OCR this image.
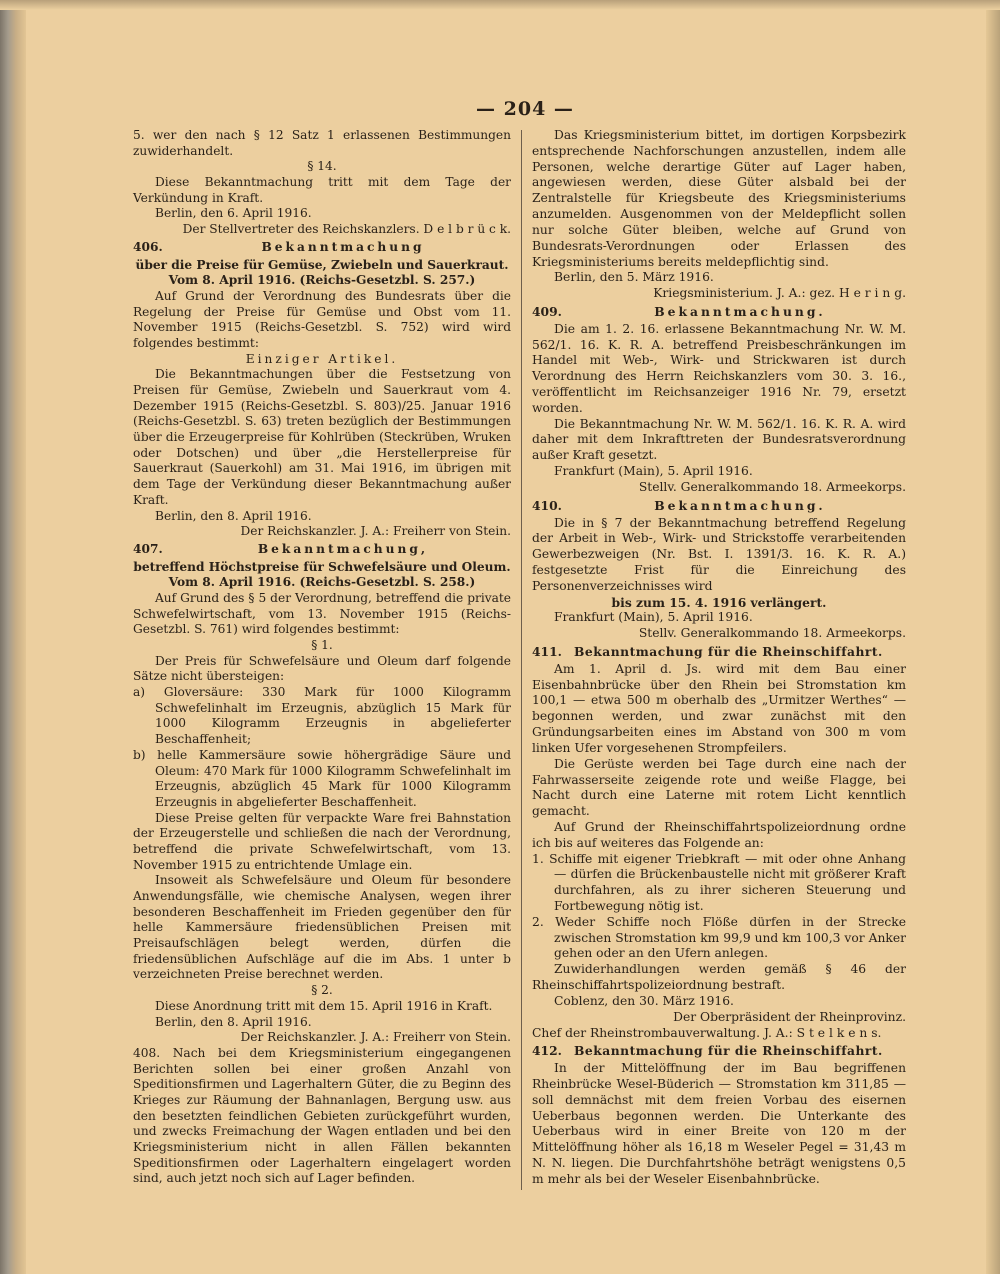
— 204 —

5. wer den nach § 12 Satz 1 erlassenen Bestimmungen zuwiderhandelt.

§ 14.

Diese Bekanntmachung tritt mit dem Tage der Verkündung in Kraft.

Berlin, den 6. April 1916.

Der Stellvertreter des Reichskanzlers. D e l b r ü c k.

406.	Bekanntmachung

über die Preise für Gemüse, Zwiebeln und Sauerkraut. Vom 8. April 1916. (Reichs-Gesetzbl. S. 257.)

Auf Grund der Verordnung des Bundesrats über die Regelung der Preise für Gemüse und Obst vom 11. November 1915 (Reichs-Gesetzbl. S. 752) wird wird folgendes bestimmt:

Einziger Artikel.

Die Bekanntmachungen über die Festsetzung von Preisen für Gemüse, Zwiebeln und Sauerkraut vom 4. Dezember 1915 (Reichs-Gesetzbl. S. 803)/25. Januar 1916 (Reichs-Gesetzbl. S. 63) treten bezüglich der Bestimmungen über die Erzeugerpreise für Kohlrüben (Steckrüben, Wruken oder Dotschen) und über „die Herstellerpreise für Sauerkraut (Sauerkohl) am 31. Mai 1916, im übrigen mit dem Tage der Verkündung dieser Bekanntmachung außer Kraft.

Berlin, den 8. April 1916.

Der Reichskanzler. J. A.: Freiherr von Stein.

407.	Bekanntmachung,

betreffend Höchstpreise für Schwefelsäure und Oleum. Vom 8. April 1916. (Reichs-Gesetzbl. S. 258.)

Auf Grund des § 5 der Verordnung, betreffend die private Schwefelwirtschaft, vom 13. November 1915 (Reichs-Gesetzbl. S. 761) wird folgendes bestimmt:

§ 1.

Der Preis für Schwefelsäure und Oleum darf folgende Sätze nicht übersteigen:

a) Gloversäure: 330 Mark für 1000 Kilogramm Schwefelinhalt im Erzeugnis, abzüglich 15 Mark für 1000 Kilogramm Erzeugnis in abgelieferter Beschaffenheit;

b) helle Kammersäure sowie höhergrädige Säure und Oleum: 470 Mark für 1000 Kilogramm Schwefelinhalt im Erzeugnis, abzüglich 45 Mark für 1000 Kilogramm Erzeugnis in abgelieferter Beschaffenheit.

Diese Preise gelten für verpackte Ware frei Bahnstation der Erzeugerstelle und schließen die nach der Verordnung, betreffend die private Schwefelwirtschaft, vom 13. November 1915 zu entrichtende Umlage ein.

Insoweit als Schwefelsäure und Oleum für besondere Anwendungsfälle, wie chemische Analysen, wegen ihrer besonderen Beschaffenheit im Frieden gegenüber den für helle Kammersäure friedensüblichen Preisen mit Preisaufschlägen belegt werden, dürfen die friedensüblichen Aufschläge auf die im Abs. 1 unter b verzeichneten Preise berechnet werden.

§ 2.

Diese Anordnung tritt mit dem 15. April 1916 in Kraft.

Berlin, den 8. April 1916.

Der Reichskanzler. J. A.: Freiherr von Stein.

408. Nach bei dem Kriegsministerium eingegangenen Berichten sollen bei einer großen Anzahl von Speditionsfirmen und Lagerhaltern Güter, die zu Beginn des Krieges zur Räumung der Bahnanlagen, Bergung usw. aus den besetzten feindlichen Gebieten zurückgeführt wurden, und zwecks Freimachung der Wagen entladen und bei den Kriegsministerium nicht in allen Fällen bekannten Speditionsfirmen oder Lagerhaltern eingelagert worden sind, auch jetzt noch sich auf Lager befinden.

Das Kriegsministerium bittet, im dortigen Korpsbezirk entsprechende Nachforschungen anzustellen, indem alle Personen, welche derartige Güter auf Lager haben, angewiesen werden, diese Güter alsbald bei der Zentralstelle für Kriegsbeute des Kriegsministeriums anzumelden. Ausgenommen von der Meldepflicht sollen nur solche Güter bleiben, welche auf Grund von Bundesrats-Verordnungen oder Erlassen des Kriegsministeriums bereits meldepflichtig sind.

Berlin, den 5. März 1916.

Kriegsministerium. J. A.: gez. H e r i n g.

409.	Bekanntmachung.

Die am 1. 2. 16. erlassene Bekanntmachung Nr. W. M. 562/1. 16. K. R. A. betreffend Preisbeschränkungen im Handel mit Web-, Wirk- und Strickwaren ist durch Verordnung des Herrn Reichskanzlers vom 30. 3. 16., veröffentlicht im Reichsanzeiger 1916 Nr. 79, ersetzt worden.

Die Bekanntmachung Nr. W. M. 562/1. 16. K. R. A. wird daher mit dem Inkrafttreten der Bundesratsverordnung außer Kraft gesetzt.

Frankfurt (Main), 5. April 1916.

Stellv. Generalkommando 18. Armeekorps.

410.	Bekanntmachung.

Die in § 7 der Bekanntmachung betreffend Regelung der Arbeit in Web-, Wirk- und Strickstoffe verarbeitenden Gewerbezweigen (Nr. Bst. I. 1391/3. 16. K. R. A.) festgesetzte Frist für die Einreichung des Personenverzeichnisses wird

bis zum 15. 4. 1916 verlängert.

Frankfurt (Main), 5. April 1916.

Stellv. Generalkommando 18. Armeekorps.

411. Bekanntmachung für die Rheinschiffahrt.

Am 1. April d. Js. wird mit dem Bau einer Eisenbahnbrücke über den Rhein bei Stromstation km 100,1 — etwa 500 m oberhalb des „Urmitzer Werthes“ — begonnen werden, und zwar zunächst mit den Gründungsarbeiten eines im Abstand von 300 m vom linken Ufer vorgesehenen Strompfeilers.

Die Gerüste werden bei Tage durch eine nach der Fahrwasserseite zeigende rote und weiße Flagge, bei Nacht durch eine Laterne mit rotem Licht kenntlich gemacht.

Auf Grund der Rheinschiffahrtspolizeiordnung ordne ich bis auf weiteres das Folgende an:

1. Schiffe mit eigener Triebkraft — mit oder ohne Anhang — dürfen die Brückenbaustelle nicht mit größerer Kraft durchfahren, als zu ihrer sicheren Steuerung und Fortbewegung nötig ist.

2. Weder Schiffe noch Flöße dürfen in der Strecke zwischen Stromstation km 99,9 und km 100,3 vor Anker gehen oder an den Ufern anlegen.

Zuwiderhandlungen werden gemäß § 46 der Rheinschiffahrtspolizeiordnung bestraft.

Coblenz, den 30. März 1916.

Der Oberpräsident der Rheinprovinz.

Chef der Rheinstrombauverwaltung. J. A.: S t e l k e n s.

412. Bekanntmachung für die Rheinschiffahrt.

In der Mittelöffnung der im Bau begriffenen Rheinbrücke Wesel-Büderich — Stromstation km 311,85 — soll demnächst mit dem freien Vorbau des eisernen Ueberbaus begonnen werden. Die Unterkante des Ueberbaus wird in einer Breite von 120 m der Mittelöffnung höher als 16,18 m Weseler Pegel = 31,43 m N. N. liegen. Die Durchfahrtshöhe beträgt wenigstens 0,5 m mehr als bei der Weseler Eisenbahnbrücke.
